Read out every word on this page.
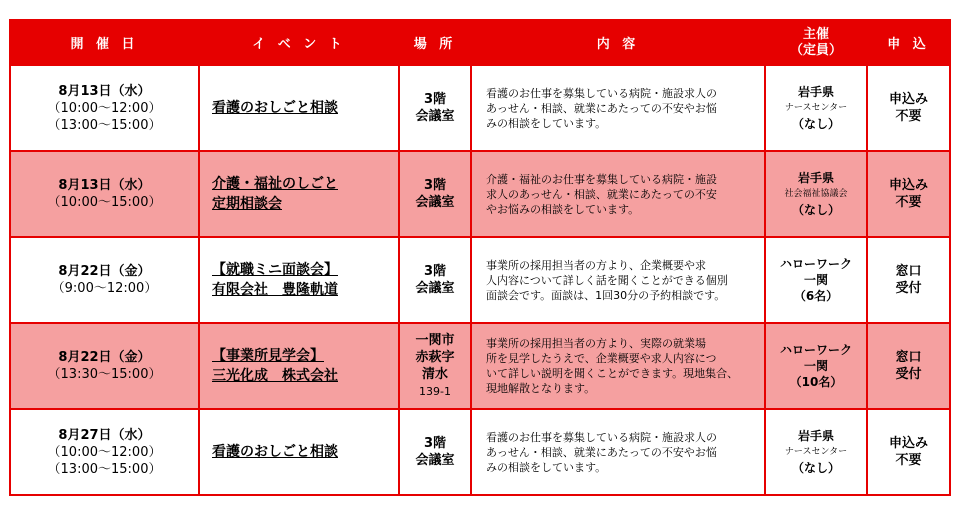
開 催 日	イ ベ ン ト	場 所	内 容	主催
（定員）	申 込

8月13日（水）
（10:00～12:00）
（13:00～15:00）	看護のおしごと相談	3階
会議室	看護のお仕事を募集している病院・施設求人の
あっせん・相談、就業にあたっての不安やお悩
みの相談をしています。	岩手県
ナースセンター
（なし）	申込み
不要

8月13日（水）
（10:00～15:00）	介護・福祉のしごと
定期相談会	3階
会議室	介護・福祉のお仕事を募集している病院・施設
求人のあっせん・相談、就業にあたっての不安
やお悩みの相談をしています。	岩手県
社会福祉協議会
（なし）	申込み
不要

8月22日（金）
（9:00～12:00）	【就職ミニ面談会】
有限会社　豊隆軌道	3階
会議室	事業所の採用担当者の方より、企業概要や求
人内容について詳しく話を聞くことができる個別
面談会です。面談は、1回30分の予約相談です。	ハローワーク
一関
（6名）	窓口
受付

8月22日（金）
（13:30～15:00）	【事業所見学会】
三光化成　株式会社	一関市
赤萩字
清水
139-1	事業所の採用担当者の方より、実際の就業場
所を見学したうえで、企業概要や求人内容につ
いて詳しい説明を聞くことができます。現地集合、
現地解散となります。	ハローワーク
一関
（10名）	窓口
受付

8月27日（水）
（10:00～12:00）
（13:00～15:00）	看護のおしごと相談	3階
会議室	看護のお仕事を募集している病院・施設求人の
あっせん・相談、就業にあたっての不安やお悩
みの相談をしています。	岩手県
ナースセンター
（なし）	申込み
不要
